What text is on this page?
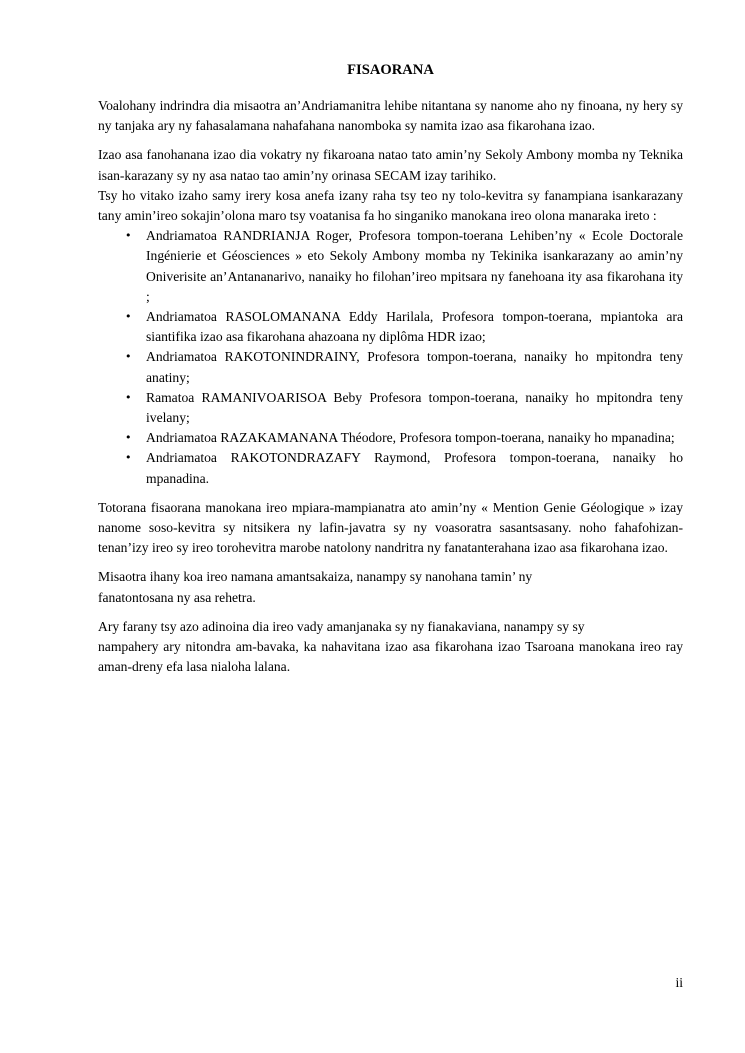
FISAORANA

Voalohany indrindra dia misaotra an’Andriamanitra lehibe nitantana sy nanome aho ny finoana, ny hery sy ny tanjaka ary ny fahasalamana nahafahana nanomboka sy namita izao asa fikarohana izao.

Izao asa fanohanana izao dia vokatry ny fikaroana natao tato amin’ny Sekoly Ambony momba ny Teknika isan-karazany sy ny asa natao tao amin’ny orinasa SECAM izay tarihiko.

Tsy ho vitako izaho samy irery kosa anefa izany raha tsy teo ny tolo-kevitra sy fanampiana isankarazany tany amin’ireo sokajin’olona maro tsy voatanisa fa ho singaniko manokana ireo olona manaraka ireto :

• Andriamatoa RANDRIANJA Roger, Profesora tompon-toerana Lehiben’ny « Ecole Doctorale Ingénierie et Géosciences » eto Sekoly Ambony momba ny Tekinika isankarazany ao amin’ny Oniverisite an’Antananarivo, nanaiky ho filohan’ireo mpitsara ny fanehoana ity asa fikarohana ity ;
• Andriamatoa RASOLOMANANA Eddy Harilala, Profesora tompon-toerana, mpiantoka ara siantifika izao asa fikarohana ahazoana ny diplôma HDR izao;
• Andriamatoa RAKOTONINDRAINY, Profesora tompon-toerana, nanaiky ho mpitondra teny anatiny;
• Ramatoa RAMANIVOARISOA Beby Profesora tompon-toerana, nanaiky ho mpitondra teny ivelany;
• Andriamatoa RAZAKAMANANA Théodore, Profesora tompon-toerana, nanaiky ho mpanadina;
• Andriamatoa RAKOTONDRAZAFY Raymond, Profesora tompon-toerana, nanaiky ho mpanadina.

Totorana fisaorana manokana ireo mpiara-mampianatra ato amin’ny « Mention Genie Géologique » izay nanome soso-kevitra sy nitsikera ny lafin-javatra sy ny voasoratra sasantsasany. noho fahafohizan-tenan’izy ireo sy ireo torohevitra marobe natolony nandritra ny fanatanterahana izao asa fikarohana izao.

Misaotra ihany koa ireo namana amantsakaiza, nanampy sy nanohana tamin’ ny
fanatontosana ny asa rehetra.

Ary farany tsy azo adinoina dia ireo vady amanjanaka sy ny fianakaviana, nanampy sy sy
nampahery ary nitondra am-bavaka, ka nahavitana izao asa fikarohana izao Tsaroana manokana ireo ray aman-dreny efa lasa nialoha lalana.

ii
